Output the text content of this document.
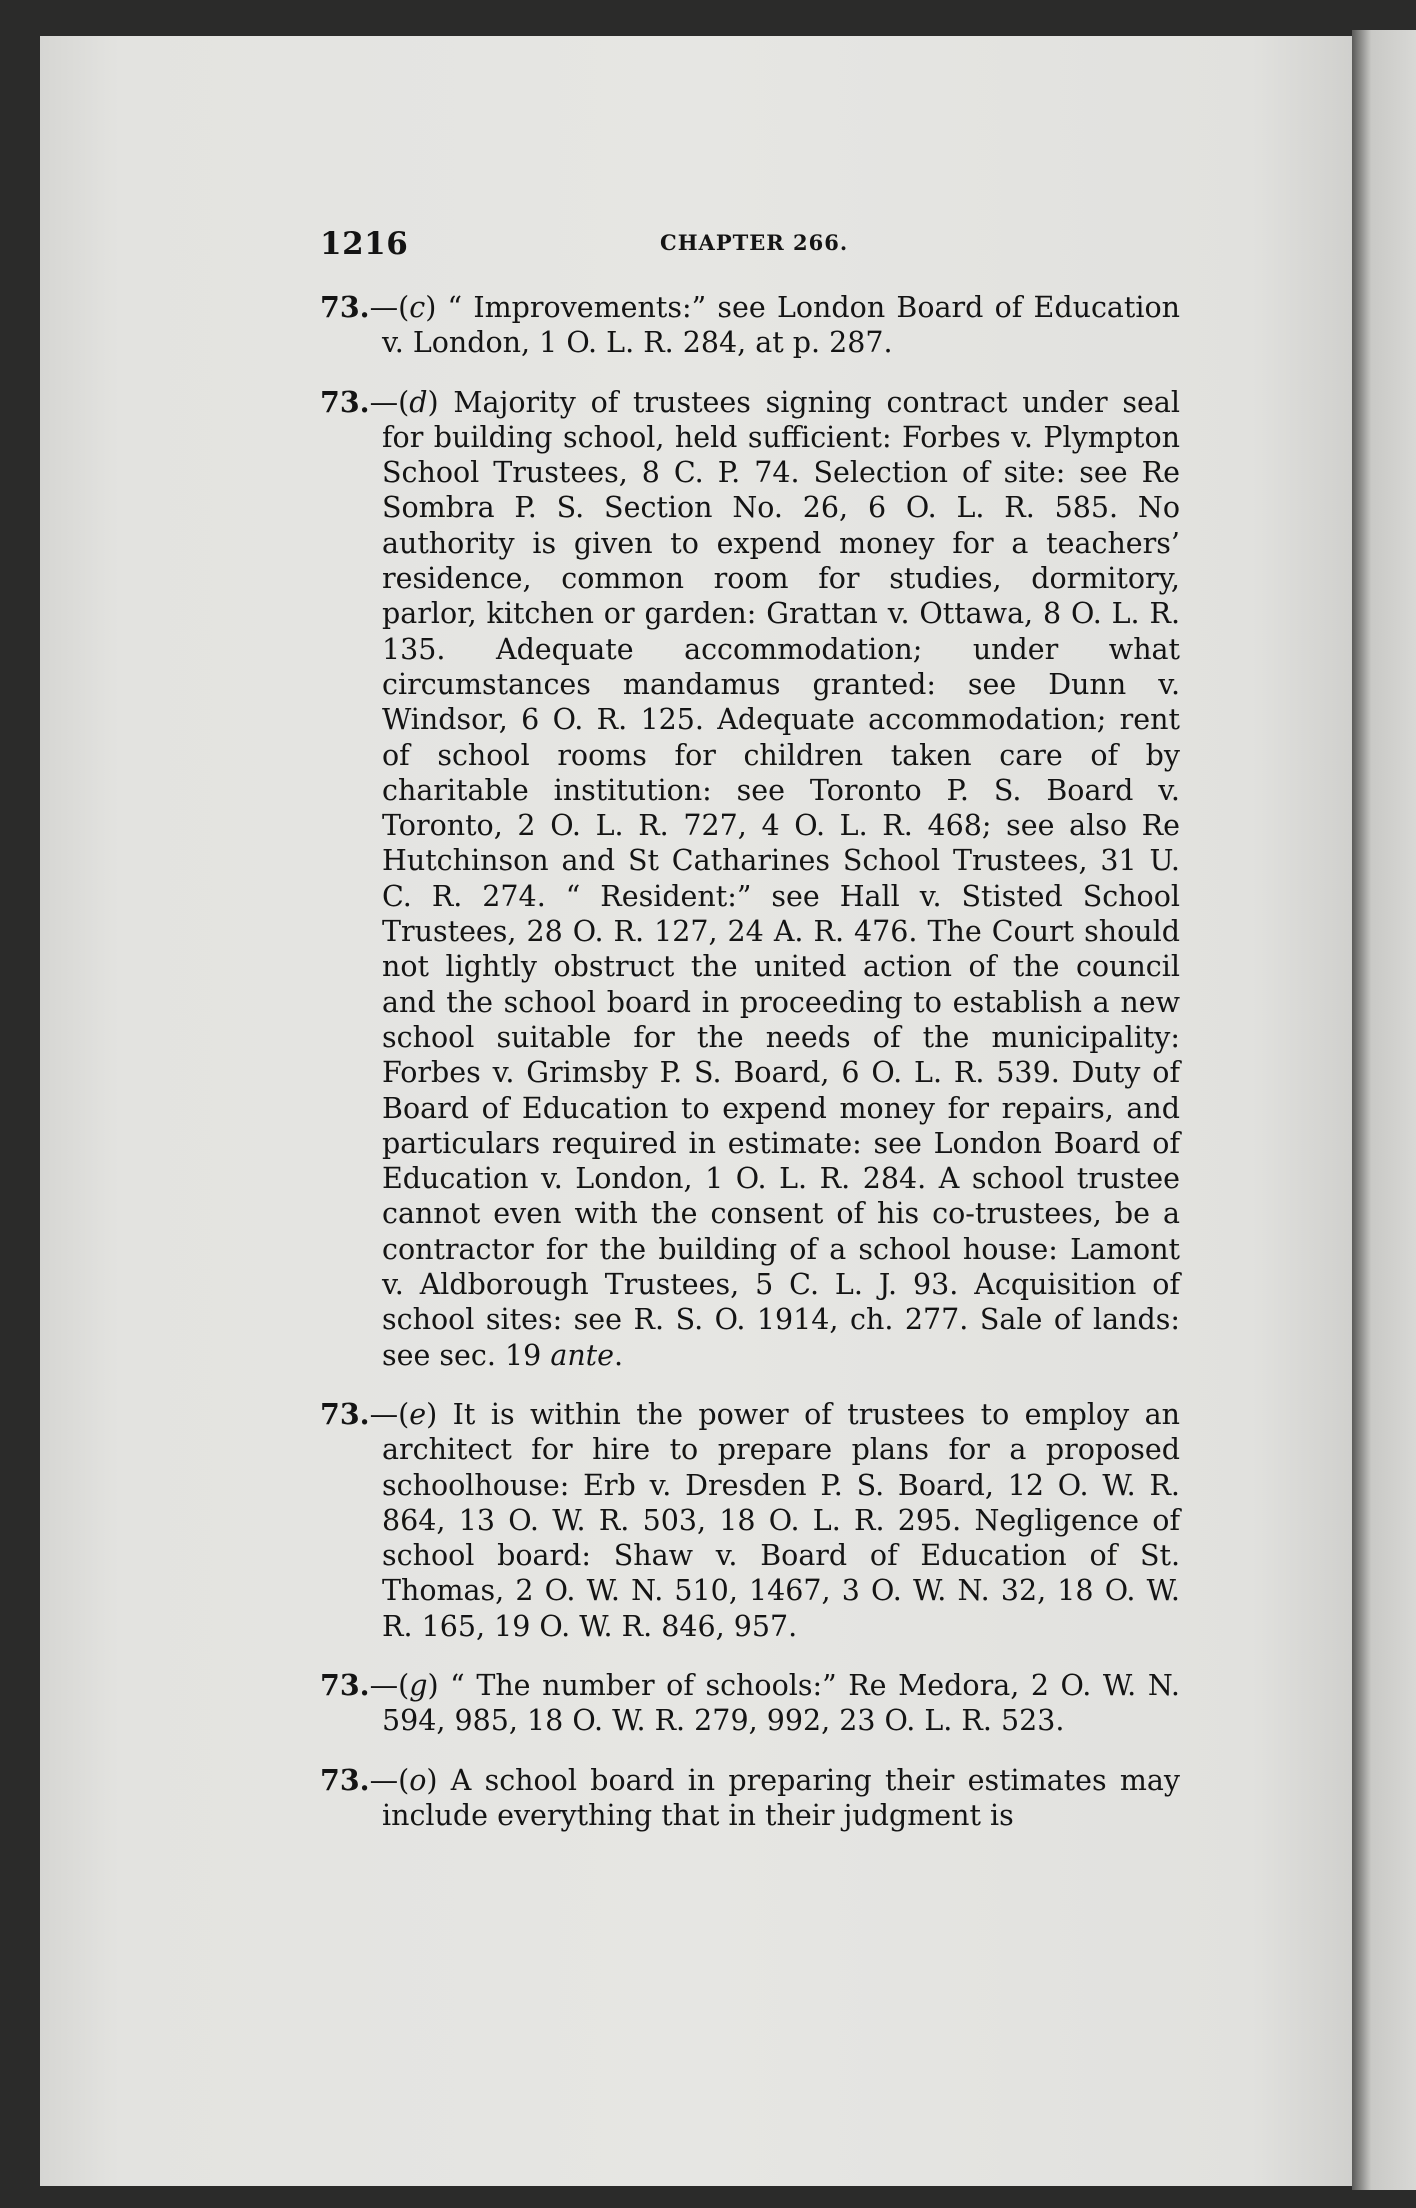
1216	CHAPTER 266.

73.—(c) “ Improvements:” see London Board of Education v. London, 1 O. L. R. 284, at p. 287.

73.—(d) Majority of trustees signing contract under seal for building school, held sufficient: Forbes v. Plympton School Trustees, 8 C. P. 74. Selection of site: see Re Sombra P. S. Section No. 26, 6 O. L. R. 585. No authority is given to expend money for a teachers’ residence, common room for studies, dormitory, parlor, kitchen or garden: Grattan v. Ottawa, 8 O. L. R. 135. Adequate accommodation; under what circumstances mandamus granted: see Dunn v. Windsor, 6 O. R. 125. Adequate accommodation; rent of school rooms for children taken care of by charitable institution: see Toronto P. S. Board v. Toronto, 2 O. L. R. 727, 4 O. L. R. 468; see also Re Hutchinson and St Catharines School Trustees, 31 U. C. R. 274. “ Resident:” see Hall v. Stisted School Trustees, 28 O. R. 127, 24 A. R. 476. The Court should not lightly obstruct the united action of the council and the school board in proceeding to establish a new school suitable for the needs of the municipality: Forbes v. Grimsby P. S. Board, 6 O. L. R. 539. Duty of Board of Education to expend money for repairs, and particulars required in estimate: see London Board of Education v. London, 1 O. L. R. 284. A school trustee cannot even with the consent of his co-trustees, be a contractor for the building of a school house: Lamont v. Aldborough Trustees, 5 C. L. J. 93. Acquisition of school sites: see R. S. O. 1914, ch. 277. Sale of lands: see sec. 19 ante.

73.—(e) It is within the power of trustees to employ an architect for hire to prepare plans for a proposed schoolhouse: Erb v. Dresden P. S. Board, 12 O. W. R. 864, 13 O. W. R. 503, 18 O. L. R. 295. Negligence of school board: Shaw v. Board of Education of St. Thomas, 2 O. W. N. 510, 1467, 3 O. W. N. 32, 18 O. W. R. 165, 19 O. W. R. 846, 957.

73.—(g) “ The number of schools:” Re Medora, 2 O. W. N. 594, 985, 18 O. W. R. 279, 992, 23 O. L. R. 523.

73.—(o) A school board in preparing their estimates may include everything that in their judgment is
